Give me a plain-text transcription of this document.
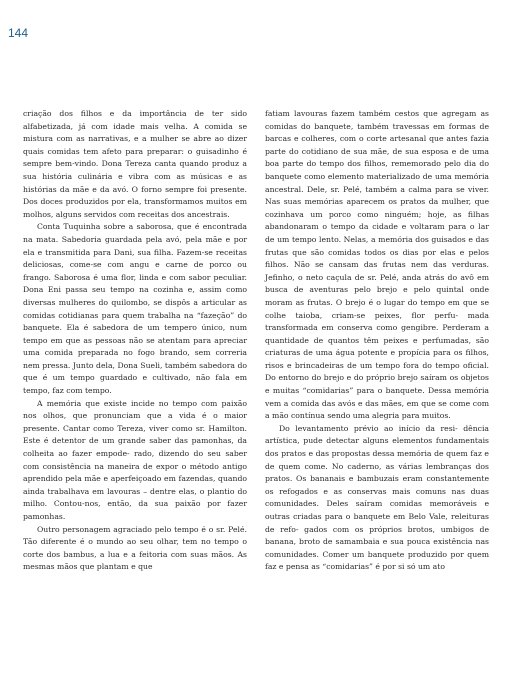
144

criação dos filhos e da importância de ter sido alfabetizada, já com idade mais velha. A comida se mistura com as narrativas, e a mulher se abre ao dizer quais comidas tem afeto para preparar: o guisadinho é sempre bem-vindo. Dona Tereza canta quando produz a sua história culinária e vibra com as músicas e as histórias da mãe e da avó. O forno sempre foi presente. Dos doces produzidos por ela, transformamos muitos em molhos, alguns servidos com receitas dos ancestrais.

Conta Tuquinha sobre a saborosa, que é encontrada na mata. Sabedoria guardada pela avó, pela mãe e por ela e transmitida para Dani, sua filha. Fazem-se receitas deliciosas, come-se com angu e carne de porco ou frango. Saborosa é uma flor, linda e com sabor peculiar. Dona Eni passa seu tempo na cozinha e, assim como diversas mulheres do quilombo, se dispôs a articular as comidas cotidianas para quem trabalha na “fazeção” do banquete. Ela é sabedora de um tempero único, num tempo em que as pessoas não se atentam para apreciar uma comida preparada no fogo brando, sem correria nem pressa. Junto dela, Dona Sueli, também sabedora do que é um tempo guardado e cultivado, não fala em tempo, faz com tempo.

A memória que existe incide no tempo com paixão nos olhos, que pronunciam que a vida é o maior presente. Cantar como Tereza, viver como sr. Hamilton. Este é detentor de um grande saber das pamonhas, da colheita ao fazer empode- rado, dizendo do seu saber com consistência na maneira de expor o método antigo aprendido pela mãe e aperfeiçoado em fazendas, quando ainda trabalhava em lavouras – dentre elas, o plantio do milho. Contou-nos, então, da sua paixão por fazer pamonhas.

Outro personagem agraciado pelo tempo é o sr. Pelé. Tão diferente é o mundo ao seu olhar, tem no tempo o corte dos bambus, a lua e a feitoria com suas mãos. As mesmas mãos que plantam e que

fatiam lavouras fazem também cestos que agregam as comidas do banquete, também travessas em formas de barcas e colheres, com o corte artesanal que antes fazia parte do cotidiano de sua mãe, de sua esposa e de uma boa parte do tempo dos filhos, rememorado pelo dia do banquete como elemento materializado de uma memória ancestral. Dele, sr. Pelé, também a calma para se viver. Nas suas memórias aparecem os pratos da mulher, que cozinhava um porco como ninguém; hoje, as filhas abandonaram o tempo da cidade e voltaram para o lar de um tempo lento. Nelas, a memória dos guisados e das frutas que são comidas todos os dias por elas e pelos filhos. Não se cansam das frutas nem das verduras. Jefinho, o neto caçula de sr. Pelé, anda atrás do avô em busca de aventuras pelo brejo e pelo quintal onde moram as frutas. O brejo é o lugar do tempo em que se colhe taioba, criam-se peixes, flor perfu- mada transformada em conserva como gengibre. Perderam a quantidade de quantos têm peixes e perfumadas, são criaturas de uma água potente e propícia para os filhos, risos e brincadeiras de um tempo fora do tempo oficial. Do entorno do brejo e do próprio brejo saíram os objetos e muitas “comidarias” para o banquete. Dessa memória vem a comida das avós e das mães, em que se come com a mão contínua sendo uma alegria para muitos.

Do levantamento prévio ao início da resi- dência artística, pude detectar alguns elementos fundamentais dos pratos e das propostas dessa memória de quem faz e de quem come. No caderno, as várias lembranças dos pratos. Os bananais e bambuzais eram constantemente os refogados e as conservas mais comuns nas duas comunidades. Deles saíram comidas memoráveis e outras criadas para o banquete em Belo Vale, releituras de refo- gados com os próprios brotos, umbigos de banana, broto de samambaia e sua pouca existência nas comunidades. Comer um banquete produzido por quem faz e pensa as “comidarias” é por si só um ato
